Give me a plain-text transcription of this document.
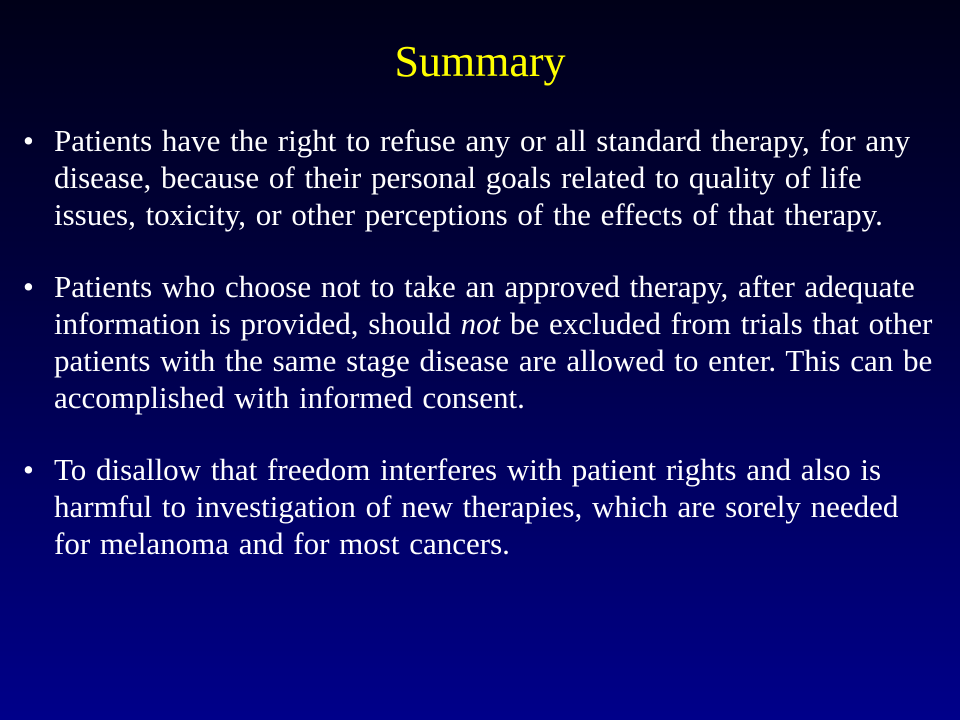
Summary
• Patients have the right to refuse any or all standard therapy, for any disease, because of their personal goals related to quality of life issues, toxicity, or other perceptions of the effects of that therapy.
• Patients who choose not to take an approved therapy, after adequate information is provided, should not be excluded from trials that other patients with the same stage disease are allowed to enter. This can be accomplished with informed consent.
• To disallow that freedom interferes with patient rights and also is harmful to investigation of new therapies, which are sorely needed for melanoma and for most cancers.
